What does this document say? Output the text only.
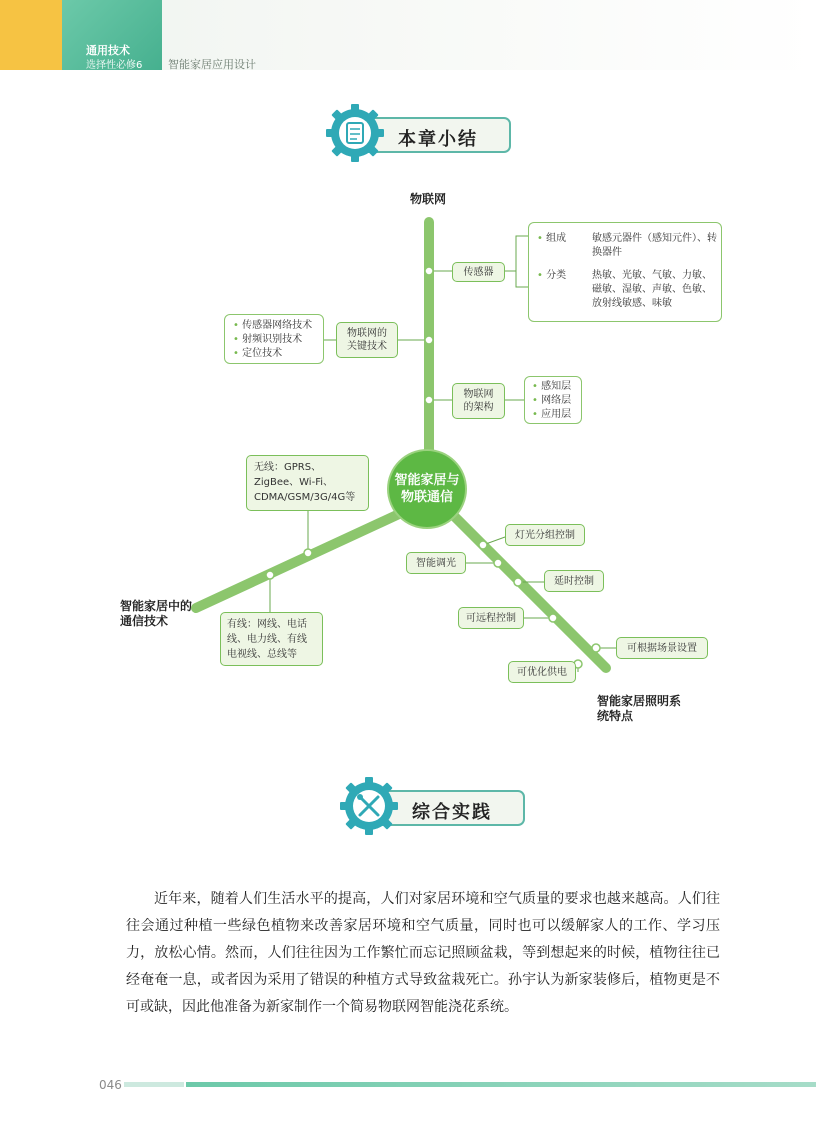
通用技术
选择性必修6 智能家居应用设计
本章小结
物联网
智能家居中的通信技术
智能家居照明系统特点
智能家居与物联通信
传感器
• 组成	敏感元器件（感知元件）、转换器件
• 分类	热敏、光敏、气敏、力敏、磁敏、湿敏、声敏、色敏、放射线敏感、味敏
物联网的关键技术
• 传感器网络技术
• 射频识别技术
• 定位技术
物联网的架构
• 感知层
• 网络层
• 应用层
无线：GPRS、ZigBee、Wi-Fi、CDMA/GSM/3G/4G等
有线：网线、电话线、电力线、有线电视线、总线等
灯光分组控制
智能调光
延时控制
可远程控制
可根据场景设置
可优化供电
综合实践
近年来，随着人们生活水平的提高，人们对家居环境和空气质量的要求也越来越高。人们往往会通过种植一些绿色植物来改善家居环境和空气质量，同时也可以缓解家人的工作、学习压力，放松心情。然而，人们往往因为工作繁忙而忘记照顾盆栽，等到想起来的时候，植物往往已经奄奄一息，或者因为采用了错误的种植方式导致盆栽死亡。孙宇认为新家装修后，植物更是不可或缺，因此他准备为新家制作一个简易物联网智能浇花系统。
046
